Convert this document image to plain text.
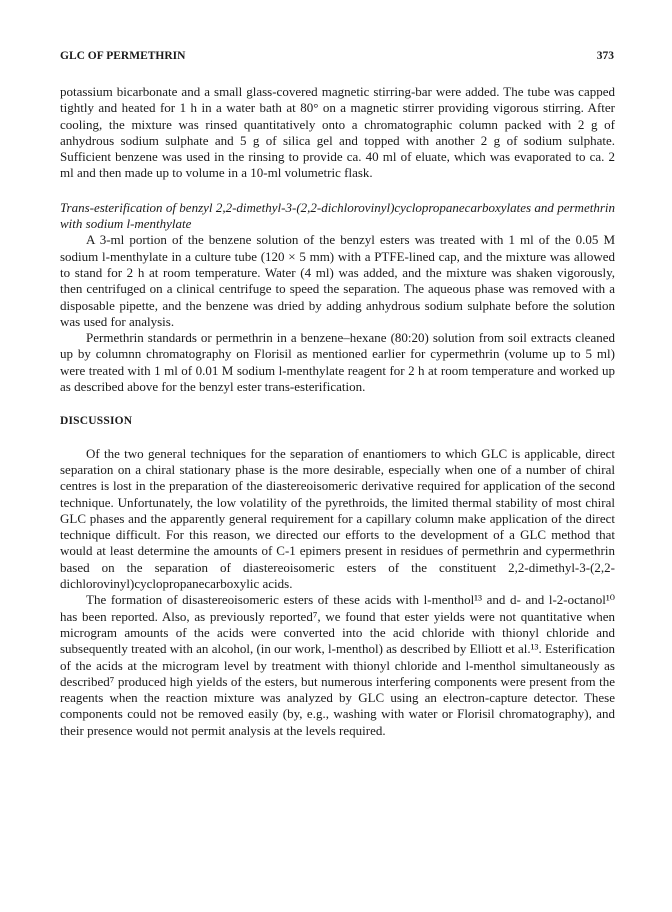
GLC OF PERMETHRIN	373

potassium bicarbonate and a small glass-covered magnetic stirring-bar were added. The tube was capped tightly and heated for 1 h in a water bath at 80° on a magnetic stirrer providing vigorous stirring. After cooling, the mixture was rinsed quantitatively onto a chromatographic column packed with 2 g of anhydrous sodium sulphate and 5 g of silica gel and topped with another 2 g of sodium sulphate. Sufficient benzene was used in the rinsing to provide ca. 40 ml of eluate, which was evaporated to ca. 2 ml and then made up to volume in a 10-ml volumetric flask.

Trans-esterification of benzyl 2,2-dimethyl-3-(2,2-dichlorovinyl)cyclopropanecarboxylates and permethrin with sodium l-menthylate

A 3-ml portion of the benzene solution of the benzyl esters was treated with 1 ml of the 0.05 M sodium l-menthylate in a culture tube (120 × 5 mm) with a PTFE-lined cap, and the mixture was allowed to stand for 2 h at room temperature. Water (4 ml) was added, and the mixture was shaken vigorously, then centrifuged on a clinical centrifuge to speed the separation. The aqueous phase was removed with a disposable pipette, and the benzene was dried by adding anhydrous sodium sulphate before the solution was used for analysis.

Permethrin standards or permethrin in a benzene–hexane (80:20) solution from soil extracts cleaned up by columnn chromatography on Florisil as mentioned earlier for cypermethrin (volume up to 5 ml) were treated with 1 ml of 0.01 M sodium l-menthylate reagent for 2 h at room temperature and worked up as described above for the benzyl ester trans-esterification.

DISCUSSION

Of the two general techniques for the separation of enantiomers to which GLC is applicable, direct separation on a chiral stationary phase is the more desirable, especially when one of a number of chiral centres is lost in the preparation of the diastereoisomeric derivative required for application of the second technique. Unfortunately, the low volatility of the pyrethroids, the limited thermal stability of most chiral GLC phases and the apparently general requirement for a capillary column make application of the direct technique difficult. For this reason, we directed our efforts to the development of a GLC method that would at least determine the amounts of C-1 epimers present in residues of permethrin and cypermethrin based on the separation of diastereoisomeric esters of the constituent 2,2-dimethyl-3-(2,2-dichlorovinyl)cyclopropanecarboxylic acids.

The formation of disastereoisomeric esters of these acids with l-menthol¹³ and d- and l-2-octanol¹⁰ has been reported. Also, as previously reported⁷, we found that ester yields were not quantitative when microgram amounts of the acids were converted into the acid chloride with thionyl chloride and subsequently treated with an alcohol, (in our work, l-menthol) as described by Elliott et al.¹³. Esterification of the acids at the microgram level by treatment with thionyl chloride and l-menthol simultaneously as described⁷ produced high yields of the esters, but numerous interfering components were present from the reagents when the reaction mixture was analyzed by GLC using an electron-capture detector. These components could not be removed easily (by, e.g., washing with water or Florisil chromatography), and their presence would not permit analysis at the levels required.
